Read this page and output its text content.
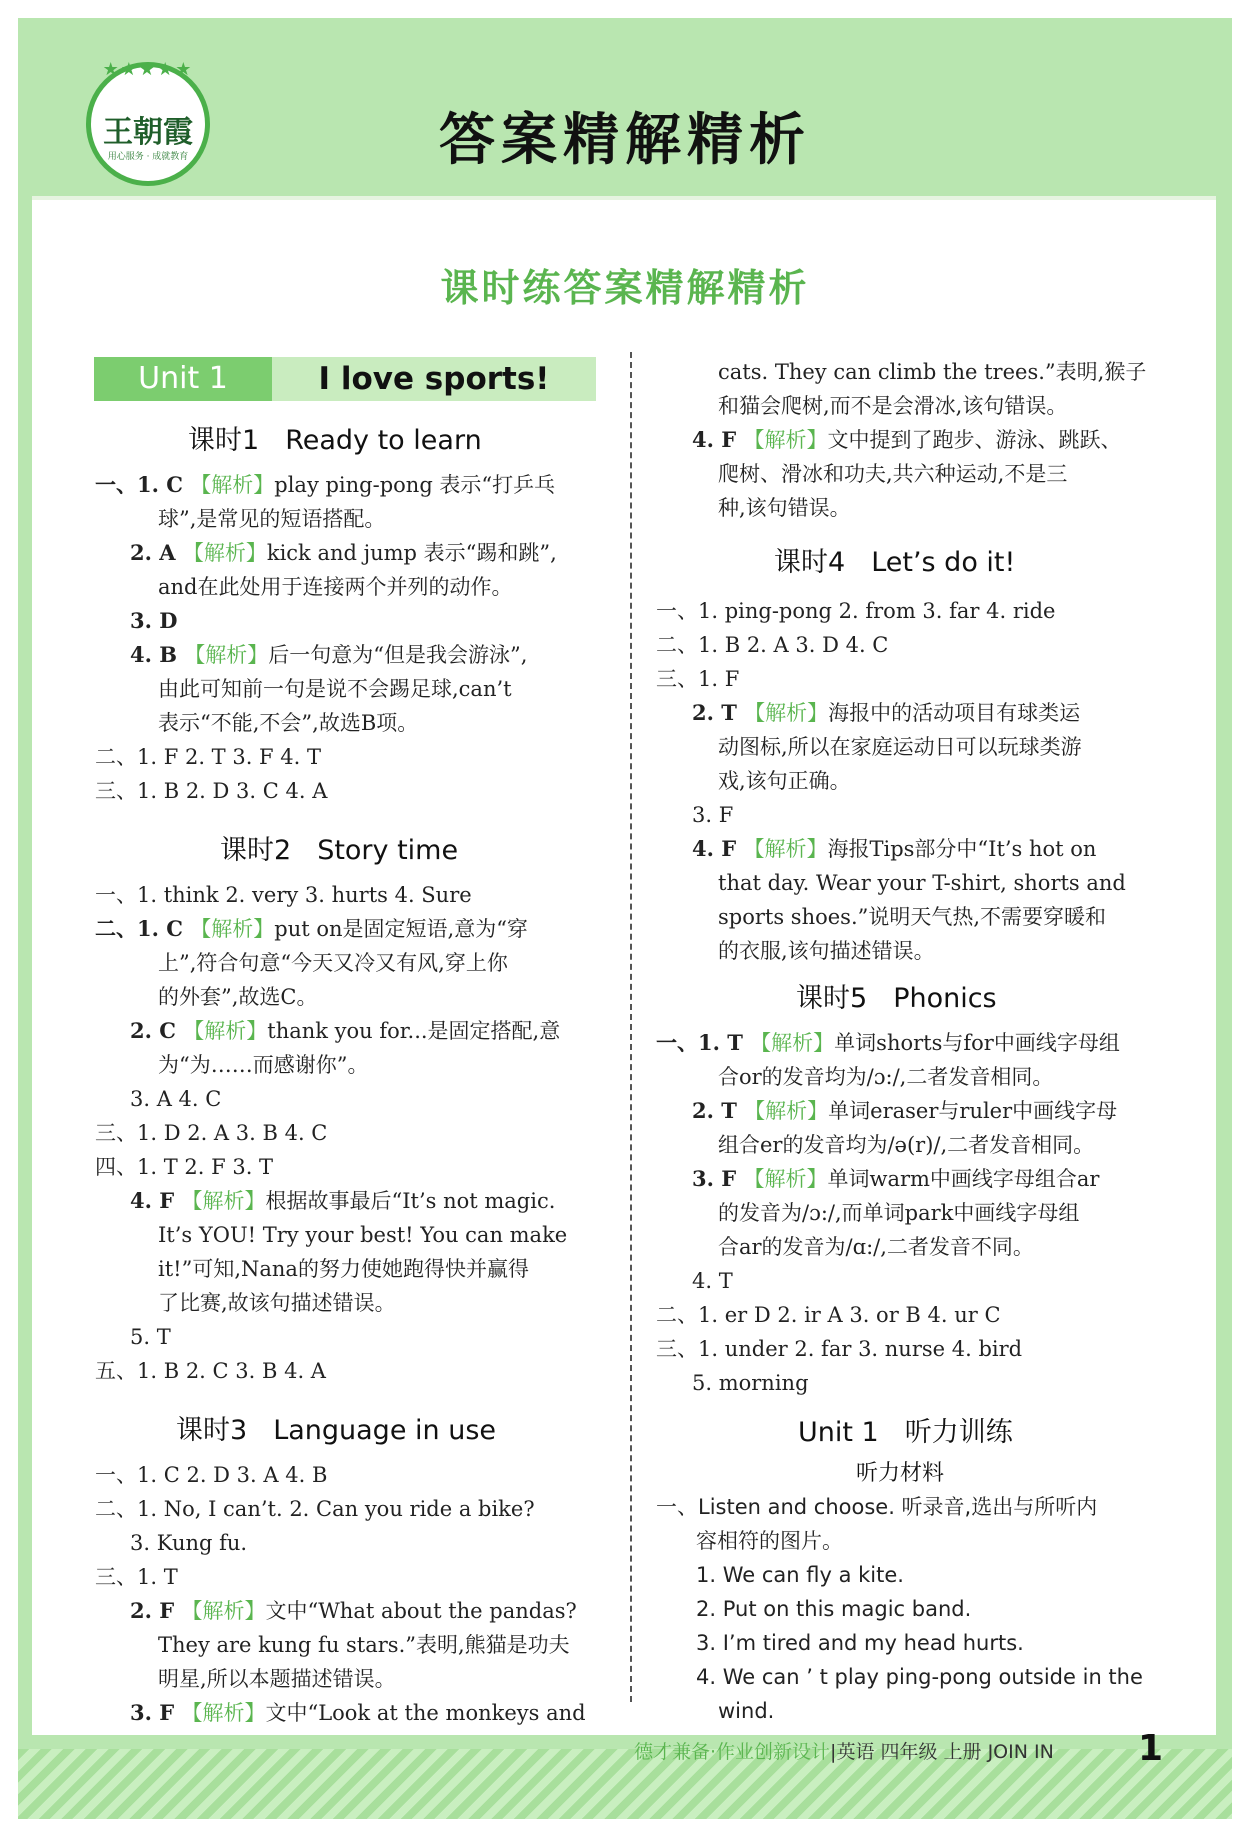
★★★★★
王朝霞
用心服务 · 成就教育	答案精解精析
课时练答案精解精析
Unit 1	I love sports!
课时1 Ready to learn
课时2 Story time
课时3 Language in use
课时4 Let’s do it!
课时5 Phonics
Unit 1 听力训练
一、1. C 【解析】play ping-pong 表示“打乒乓
球”,是常见的短语搭配。
2. A 【解析】kick and jump 表示“踢和跳”,
and在此处用于连接两个并列的动作。
3. D
4. B 【解析】后一句意为“但是我会游泳”,
由此可知前一句是说不会踢足球,can’t
表示“不能,不会”,故选B项。
二、1. F 2. T 3. F 4. T
三、1. B 2. D 3. C 4. A
一、1. think 2. very 3. hurts 4. Sure
二、1. C 【解析】put on是固定短语,意为“穿
上”,符合句意“今天又冷又有风,穿上你
的外套”,故选C。
2. C 【解析】thank you for...是固定搭配,意
为“为……而感谢你”。
3. A 4. C
三、1. D 2. A 3. B 4. C
四、1. T 2. F 3. T
4. F 【解析】根据故事最后“It’s not magic.
It’s YOU! Try your best! You can make
it!”可知,Nana的努力使她跑得快并赢得
了比赛,故该句描述错误。
5. T
五、1. B 2. C 3. B 4. A
一、1. C 2. D 3. A 4. B
二、1. No, I can’t. 2. Can you ride a bike?
3. Kung fu.
三、1. T
2. F 【解析】文中“What about the pandas?
They are kung fu stars.”表明,熊猫是功夫
明星,所以本题描述错误。
3. F 【解析】文中“Look at the monkeys and
cats. They can climb the trees.”表明,猴子
和猫会爬树,而不是会滑冰,该句错误。
4. F 【解析】文中提到了跑步、游泳、跳跃、
爬树、滑冰和功夫,共六种运动,不是三
种,该句错误。
一、1. ping-pong 2. from 3. far 4. ride
二、1. B 2. A 3. D 4. C
三、1. F
2. T 【解析】海报中的活动项目有球类运
动图标,所以在家庭运动日可以玩球类游
戏,该句正确。
3. F
4. F 【解析】海报Tips部分中“It’s hot on
that day. Wear your T-shirt, shorts and
sports shoes.”说明天气热,不需要穿暖和
的衣服,该句描述错误。
一、1. T 【解析】单词shorts与for中画线字母组
合or的发音均为/ɔ:/,二者发音相同。
2. T 【解析】单词eraser与ruler中画线字母
组合er的发音均为/ə(r)/,二者发音相同。
3. F 【解析】单词warm中画线字母组合ar
的发音为/ɔ:/,而单词park中画线字母组
合ar的发音为/ɑ:/,二者发音不同。
4. T
二、1. er D 2. ir A 3. or B 4. ur C
三、1. under 2. far 3. nurse 4. bird
5. morning
听力材料
一、Listen and choose. 听录音,选出与所听内
容相符的图片。
1. We can fly a kite.
2. Put on this magic band.
3. I’m tired and my head hurts.
4. We can ’ t play ping-pong outside in the
wind.
德才兼备·作业创新设计|英语 四年级 上册 JOIN IN 1
